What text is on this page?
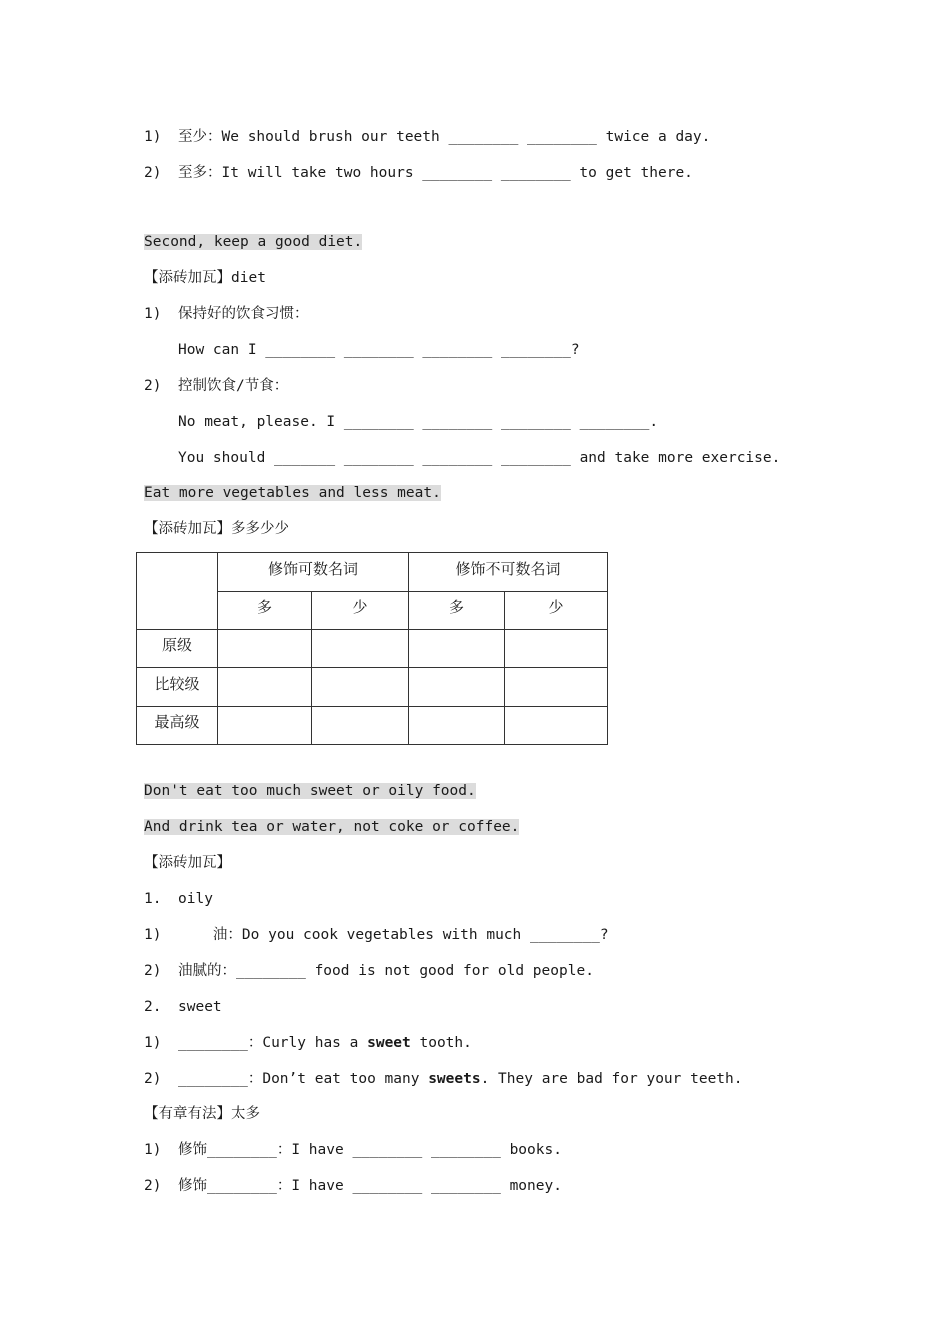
1) 至少：We should brush our teeth ________ ________ twice a day.
2) 至多：It will take two hours ________ ________ to get there.
Second, keep a good diet.
【添砖加瓦】diet
1) 保持好的饮食习惯：
How can I ________ ________ ________ ________?
2) 控制饮食/节食：
No meat, please. I ________ ________ ________ ________.
You should _______ ________ ________ ________ and take more exercise.
Eat more vegetables and less meat.
【添砖加瓦】多多少少
	修饰可数名词		修饰不可数名词	
	多	少	多	少
原级				
比较级				
最高级				
Don't eat too much sweet or oily food.
And drink tea or water, not coke or coffee.
【添砖加瓦】
1. oily
1)    油：Do you cook vegetables with much ________?
2) 油腻的：________ food is not good for old people.
2. sweet
1) ________：Curly has a sweet tooth.
2) ________：Don’t eat too many sweets. They are bad for your teeth.
【有章有法】太多
1) 修饰________：I have ________ ________ books.
2) 修饰________：I have ________ ________ money.
